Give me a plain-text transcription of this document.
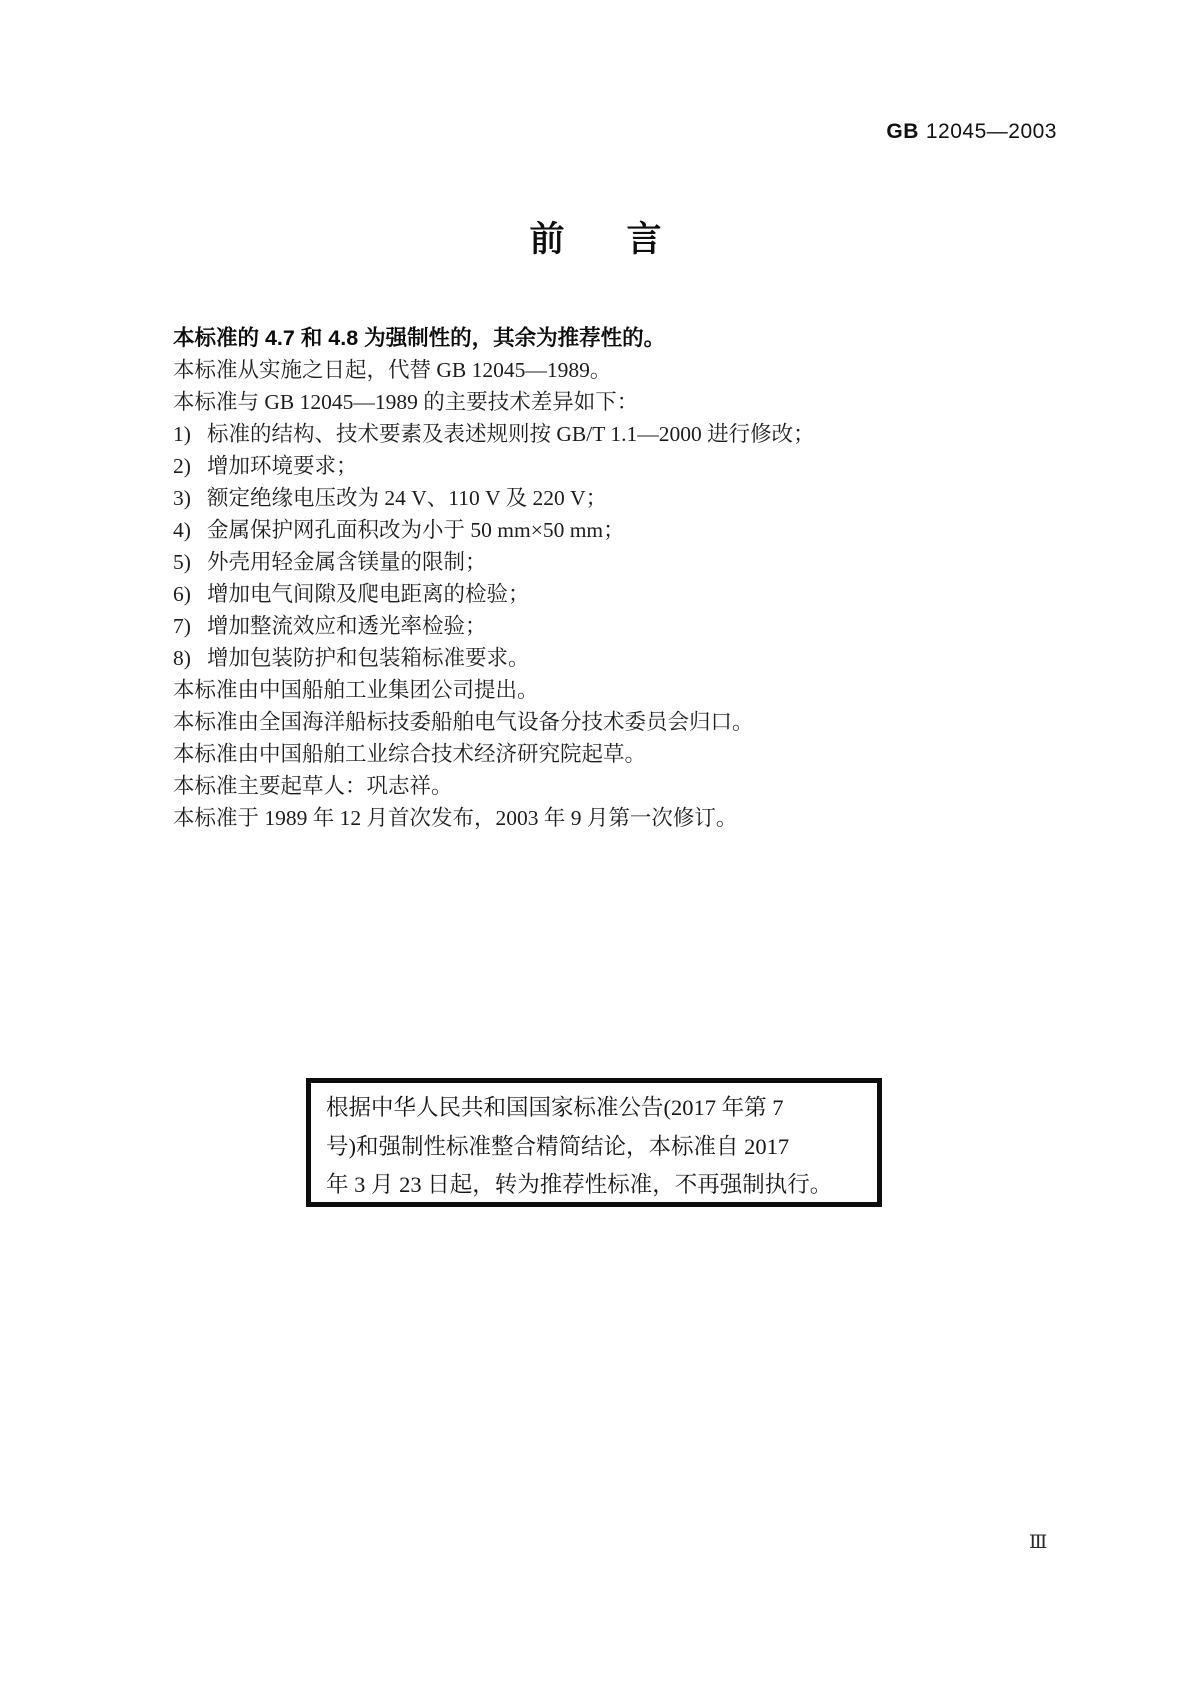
GB 12045—2003
前 言

本标准的 4.7 和 4.8 为强制性的，其余为推荐性的。

本标准从实施之日起，代替 GB 12045—1989。

本标准与 GB 12045—1989 的主要技术差异如下：

1) 标准的结构、技术要素及表述规则按 GB/T 1.1—2000 进行修改；

2) 增加环境要求；

3) 额定绝缘电压改为 24 V、110 V 及 220 V；

4) 金属保护网孔面积改为小于 50 mm×50 mm；

5) 外壳用轻金属含镁量的限制；

6) 增加电气间隙及爬电距离的检验；

7) 增加整流效应和透光率检验；

8) 增加包装防护和包装箱标准要求。

本标准由中国船舶工业集团公司提出。

本标准由全国海洋船标技委船舶电气设备分技术委员会归口。

本标准由中国船舶工业综合技术经济研究院起草。

本标准主要起草人：巩志祥。

本标准于 1989 年 12 月首次发布，2003 年 9 月第一次修订。

根据中华人民共和国国家标准公告(2017 年第 7
号)和强制性标准整合精简结论，本标准自 2017
年 3 月 23 日起，转为推荐性标准，不再强制执行。
Ⅲ
